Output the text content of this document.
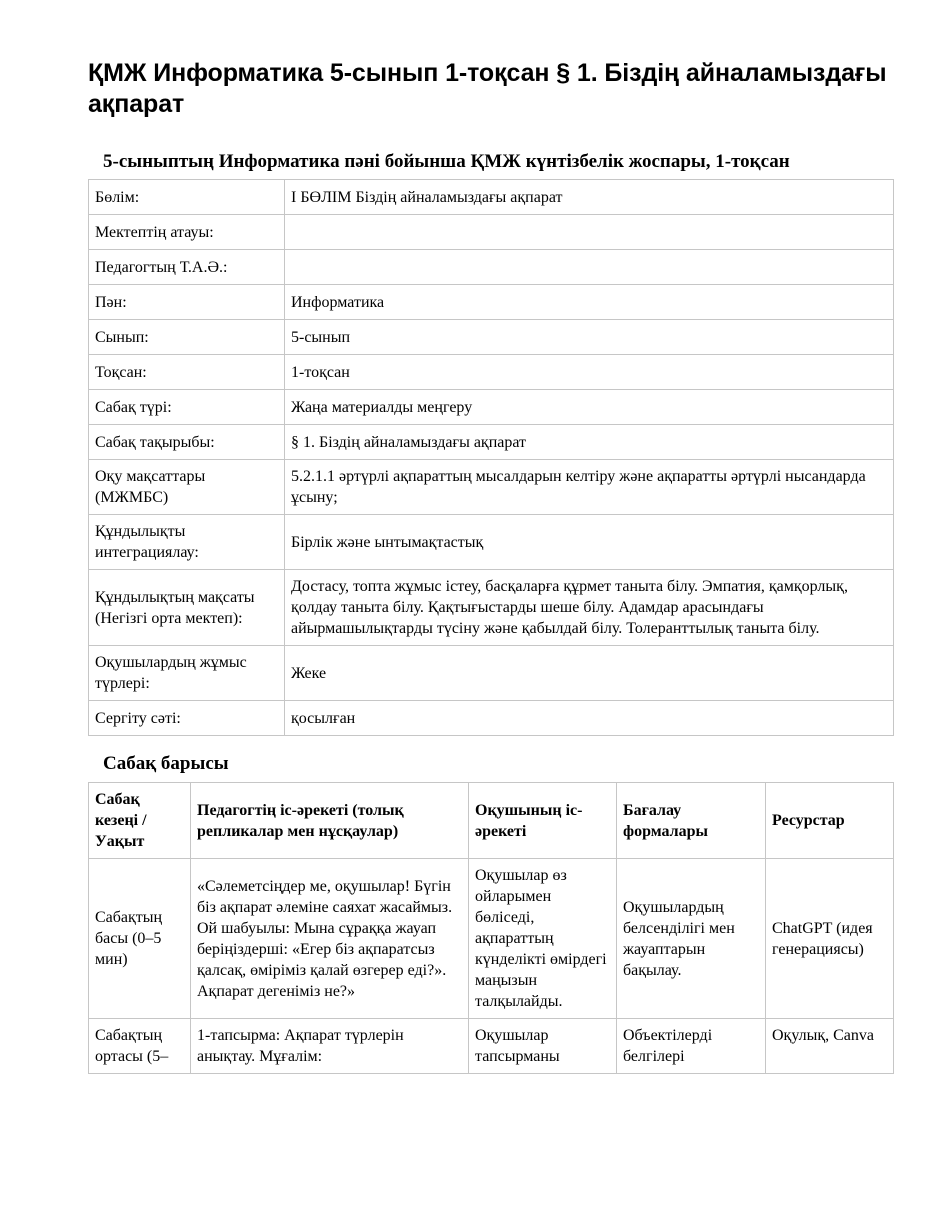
ҚМЖ Информатика 5-сынып 1-тоқсан § 1. Біздің айналамыздағы ақпарат
5-сыныптың Информатика пәні бойынша ҚМЖ күнтізбелік жоспары, 1-тоқсан
Бөлім:	І БӨЛІМ Біздің айналамыздағы ақпарат
Мектептің атауы:	
Педагогтың Т.А.Ә.:	
Пән:	Информатика
Сынып:	5-сынып
Тоқсан:	1-тоқсан
Сабақ түрі:	Жаңа материалды меңгеру
Сабақ тақырыбы:	§ 1. Біздің айналамыздағы ақпарат
Оқу мақсаттары (МЖМБС)	5.2.1.1 әртүрлі ақпараттың мысалдарын келтіру және ақпаратты әртүрлі нысандарда ұсыну;
Құндылықты интеграциялау:	Бірлік және ынтымақтастық
Құндылықтың мақсаты (Негізгі орта мектеп):	Достасу, топта жұмыс істеу, басқаларға құрмет таныта білу. Эмпатия, қамқорлық, қолдау таныта білу. Қақтығыстарды шеше білу. Адамдар арасындағы айырмашылықтарды түсіну және қабылдай білу. Толеранттылық таныта білу.
Оқушылардың жұмыс түрлері:	Жеке
Сергіту сәті:	қосылған
Сабақ барысы
Сабақ кезеңі / Уақыт	Педагогтің іс-әрекеті (толық репликалар мен нұсқаулар)	Оқушының іс-әрекеті	Бағалау формалары	Ресурстар
Сабақтың басы (0–5 мин)	«Сәлеметсіңдер ме, оқушылар! Бүгін біз ақпарат әлеміне саяхат жасаймыз. Ой шабуылы: Мына сұраққа жауап беріңіздерші: «Егер біз ақпаратсыз қалсақ, өміріміз қалай өзгерер еді?». Ақпарат дегеніміз не?»	Оқушылар өз ойларымен бөліседі, ақпараттың күнделікті өмірдегі маңызын талқылайды.	Оқушылардың белсенділігі мен жауаптарын бақылау.	ChatGPT (идея генерациясы)
Сабақтың ортасы (5–	1-тапсырма: Ақпарат түрлерін анықтау. Мұғалім:	Оқушылар тапсырманы	Объектілерді белгілері	Оқулық, Canva
